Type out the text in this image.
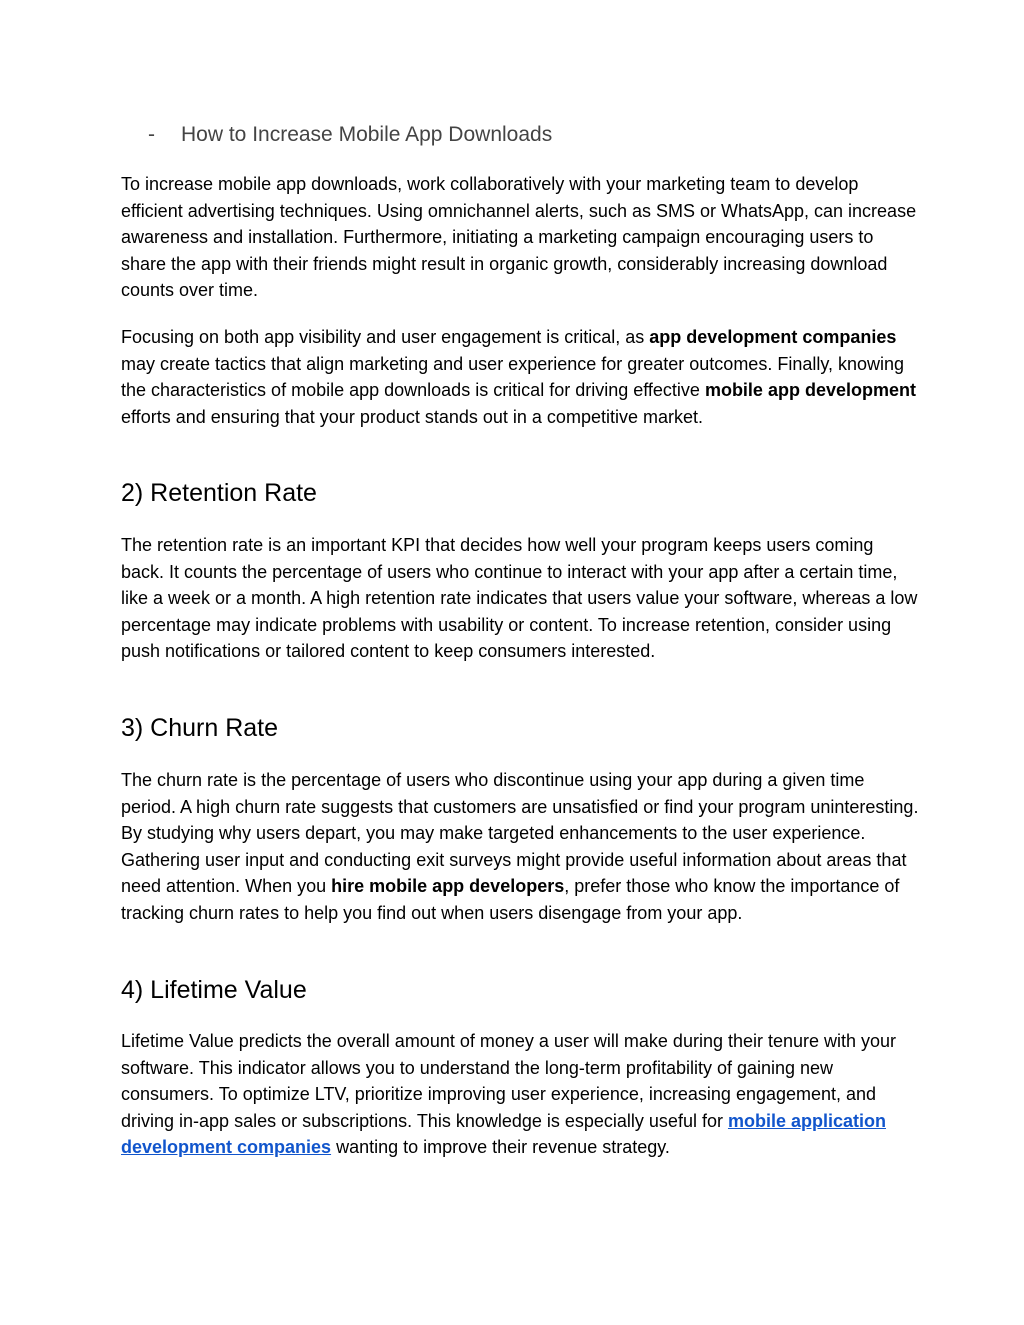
- How to Increase Mobile App Downloads

To increase mobile app downloads, work collaboratively with your marketing team to develop efficient advertising techniques. Using omnichannel alerts, such as SMS or WhatsApp, can increase awareness and installation. Furthermore, initiating a marketing campaign encouraging users to share the app with their friends might result in organic growth, considerably increasing download counts over time.

Focusing on both app visibility and user engagement is critical, as app development companies may create tactics that align marketing and user experience for greater outcomes. Finally, knowing the characteristics of mobile app downloads is critical for driving effective mobile app development efforts and ensuring that your product stands out in a competitive market.

2) Retention Rate

The retention rate is an important KPI that decides how well your program keeps users coming back. It counts the percentage of users who continue to interact with your app after a certain time, like a week or a month. A high retention rate indicates that users value your software, whereas a low percentage may indicate problems with usability or content. To increase retention, consider using push notifications or tailored content to keep consumers interested.

3) Churn Rate

The churn rate is the percentage of users who discontinue using your app during a given time period. A high churn rate suggests that customers are unsatisfied or find your program uninteresting. By studying why users depart, you may make targeted enhancements to the user experience. Gathering user input and conducting exit surveys might provide useful information about areas that need attention. When you hire mobile app developers, prefer those who know the importance of tracking churn rates to help you find out when users disengage from your app.

4) Lifetime Value

Lifetime Value predicts the overall amount of money a user will make during their tenure with your software. This indicator allows you to understand the long-term profitability of gaining new consumers. To optimize LTV, prioritize improving user experience, increasing engagement, and driving in-app sales or subscriptions. This knowledge is especially useful for mobile application development companies wanting to improve their revenue strategy.
